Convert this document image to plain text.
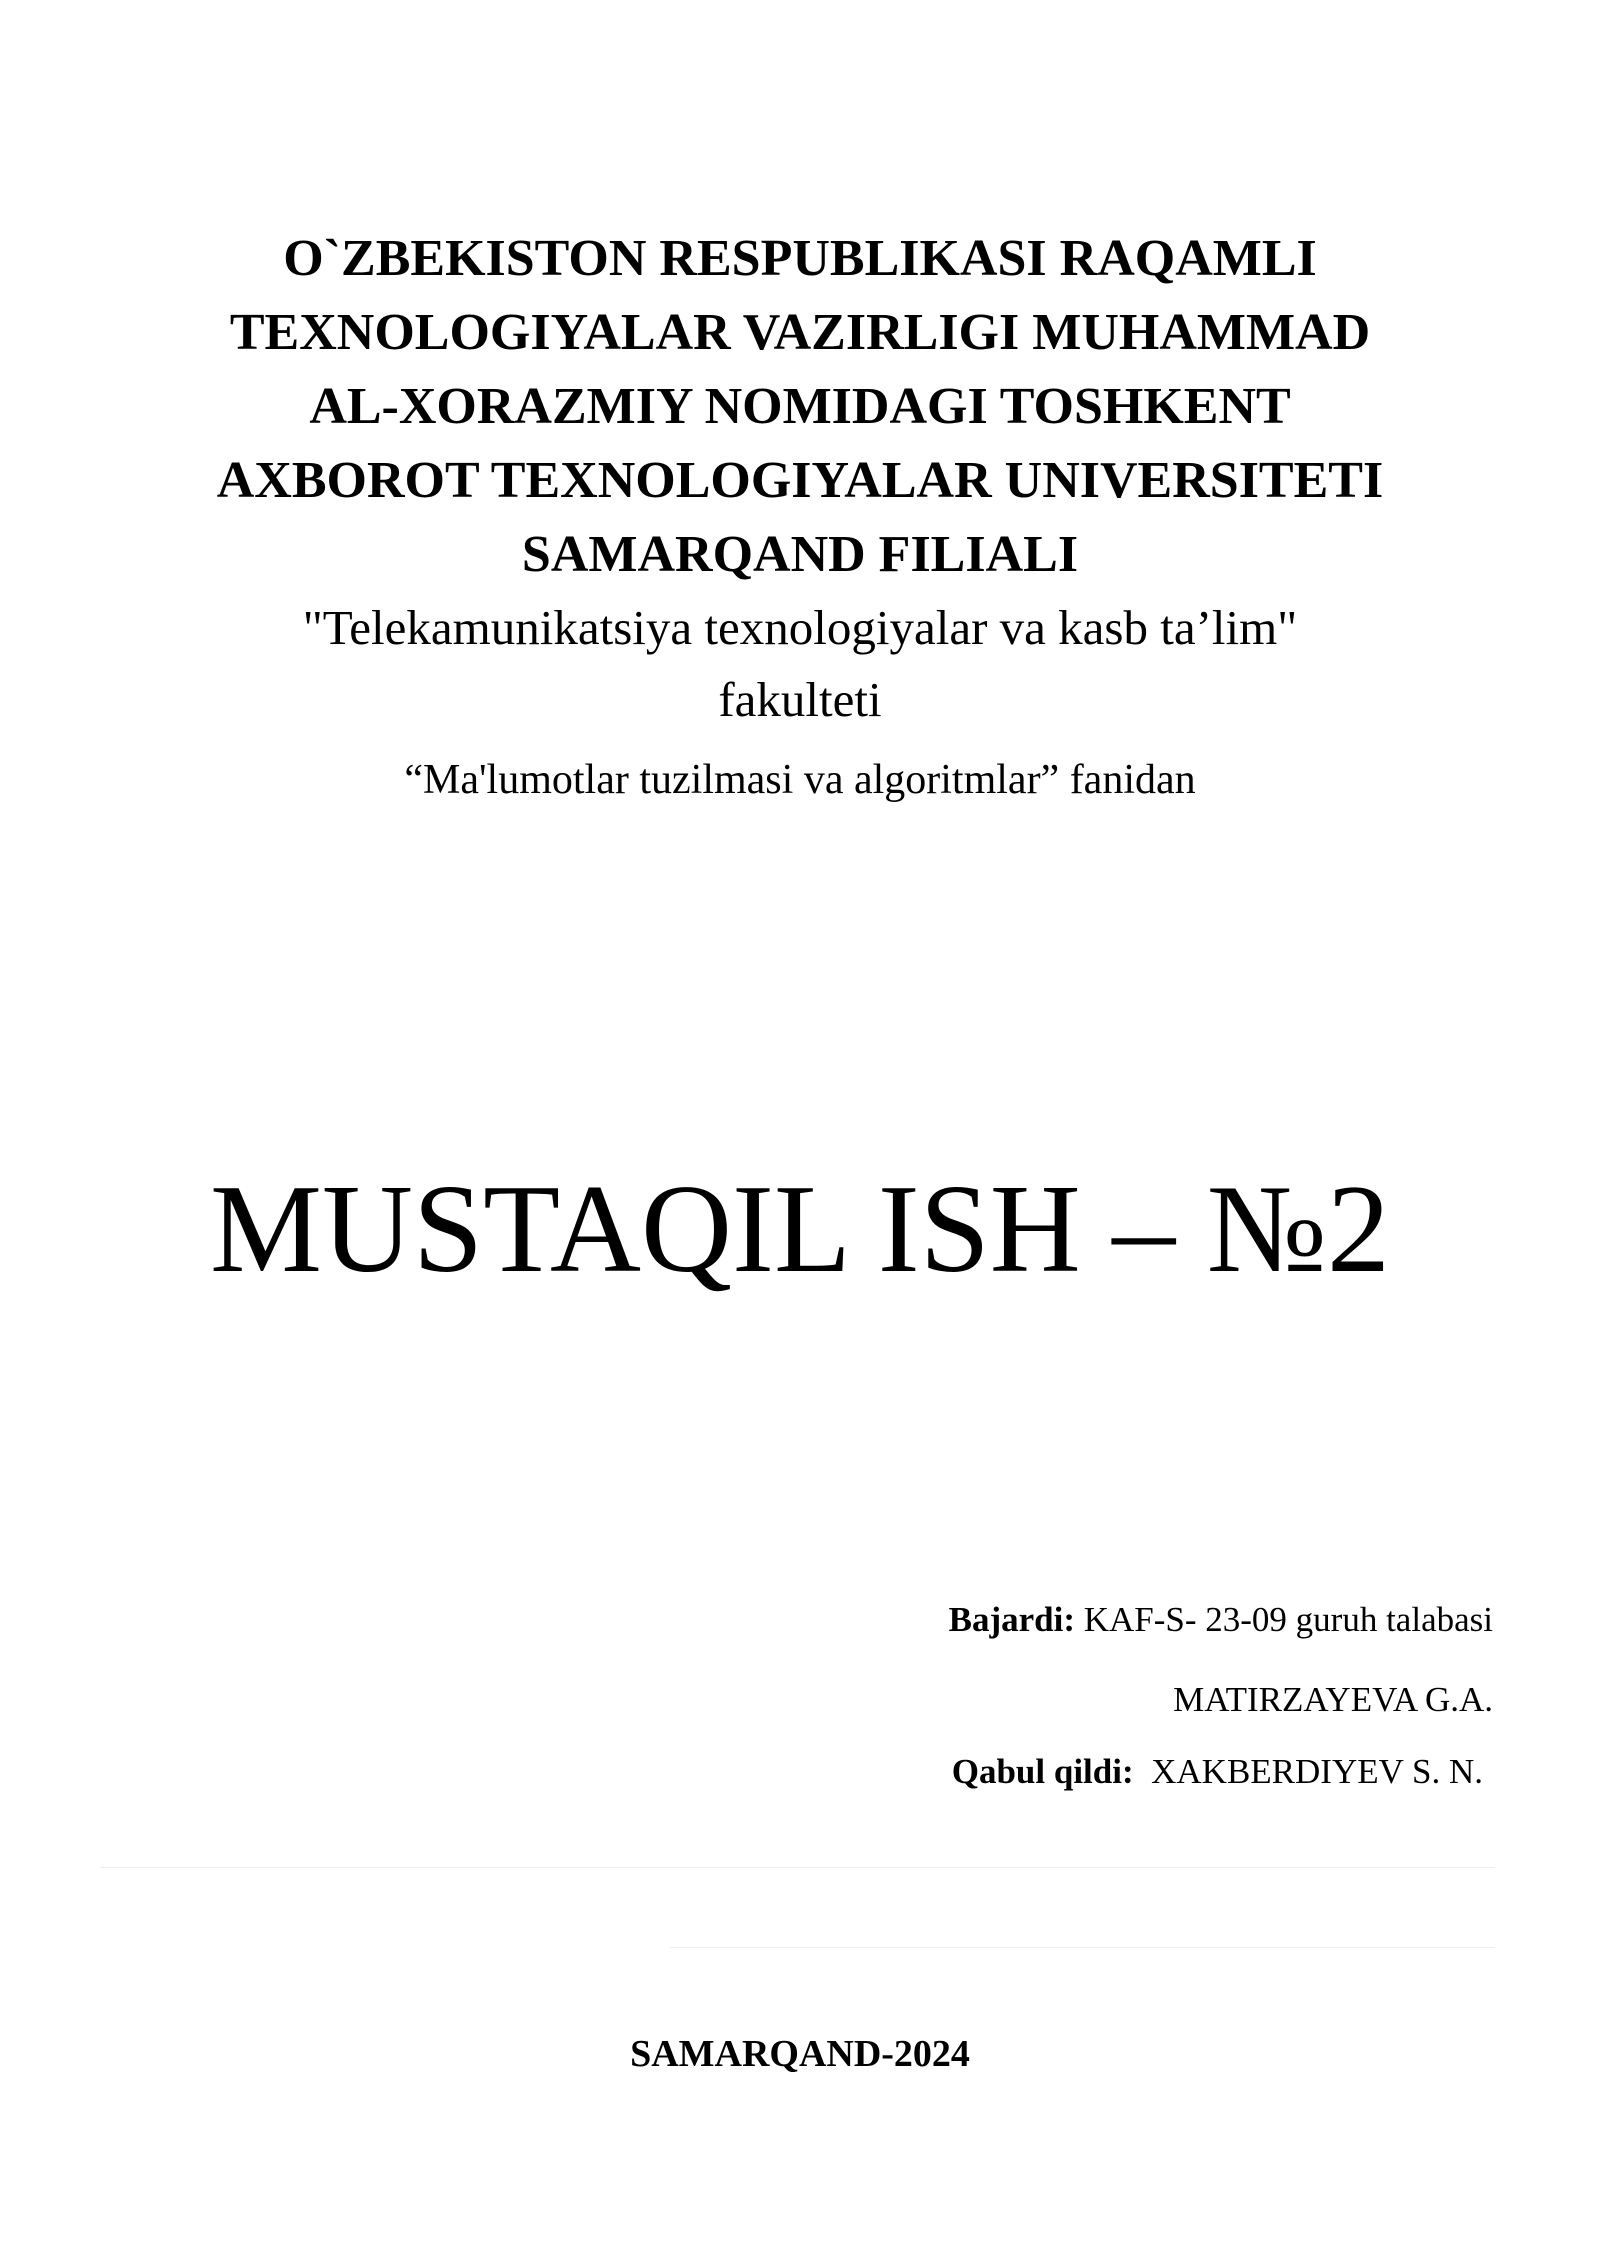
O`ZBEKISTON RESPUBLIKASI RAQAMLI
TEXNOLOGIYALAR VAZIRLIGI MUHAMMAD
AL-XORAZMIY NOMIDAGI TOSHKENT
AXBOROT TEXNOLOGIYALAR UNIVERSITETI
SAMARQAND FILIALI
"Telekamunikatsiya texnologiyalar va kasb ta’lim"
fakulteti
“Ma'lumotlar tuzilmasi va algoritmlar” fanidan
MUSTAQIL ISH – №2
Bajardi: KAF-S- 23-09 guruh talabasi
MATIRZAYEVA G.A.
Qabul qildi: XAKBERDIYEV S. N.
SAMARQAND-2024
